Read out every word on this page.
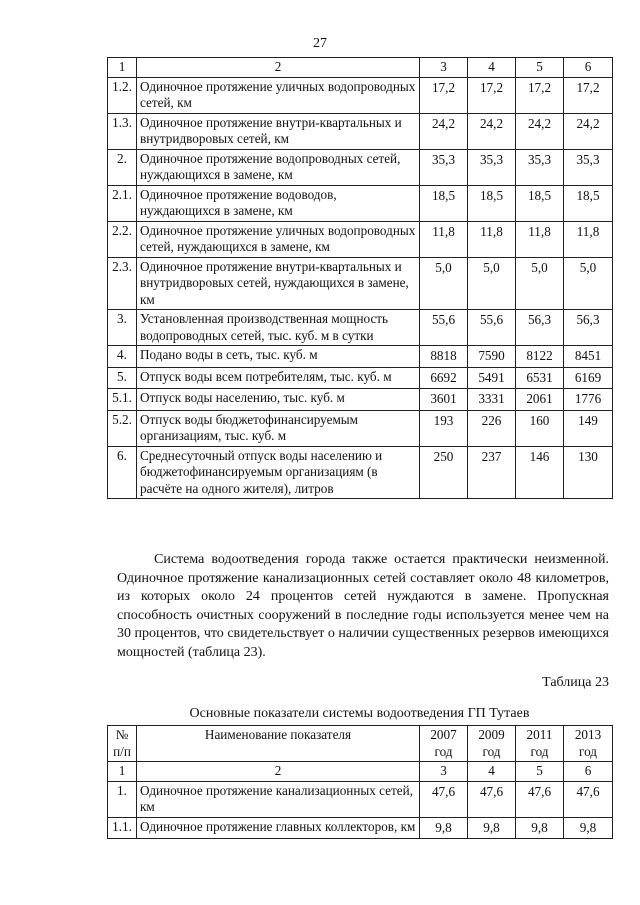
27
1	2	3	4	5	6
1.2.	Одиночное протяжение уличных водопроводных сетей, км	17,2	17,2	17,2	17,2
1.3.	Одиночное протяжение внутри-квартальных и внутридворовых сетей, км	24,2	24,2	24,2	24,2
2.	Одиночное протяжение водопроводных сетей, нуждающихся в замене, км	35,3	35,3	35,3	35,3
2.1.	Одиночное протяжение водоводов, нуждающихся в замене, км	18,5	18,5	18,5	18,5
2.2.	Одиночное протяжение уличных водопроводных сетей, нуждающихся в замене, км	11,8	11,8	11,8	11,8
2.3.	Одиночное протяжение внутри-квартальных и внутридворовых сетей, нуждающихся в замене, км	5,0	5,0	5,0	5,0
3.	Установленная производственная мощность водопроводных сетей, тыс. куб. м в сутки	55,6	55,6	56,3	56,3
4.	Подано воды в сеть, тыс. куб. м	8818	7590	8122	8451
5.	Отпуск воды всем потребителям, тыс. куб. м	6692	5491	6531	6169
5.1.	Отпуск воды населению, тыс. куб. м	3601	3331	2061	1776
5.2.	Отпуск воды бюджетофинансируемым организациям, тыс. куб. м	193	226	160	149
6.	Среднесуточный отпуск воды населению и бюджетофинансируемым организациям (в расчёте на одного жителя), литров	250	237	146	130

Система водоотведения города также остается практически неизменной. Одиночное протяжение канализационных сетей составляет около 48 километров, из которых около 24 процентов сетей нуждаются в замене. Пропускная способность очистных сооружений в последние годы используется менее чем на 30 процентов, что свидетельствует о наличии существенных резервов имеющихся мощностей (таблица 23).

Таблица 23
Основные показатели системы водоотведения ГП Тутаев
№ п/п	Наименование показателя	2007 год	2009 год	2011 год	2013 год
1	2	3	4	5	6
1.	Одиночное протяжение канализационных сетей, км	47,6	47,6	47,6	47,6
1.1.	Одиночное протяжение главных коллекторов, км	9,8	9,8	9,8	9,8
